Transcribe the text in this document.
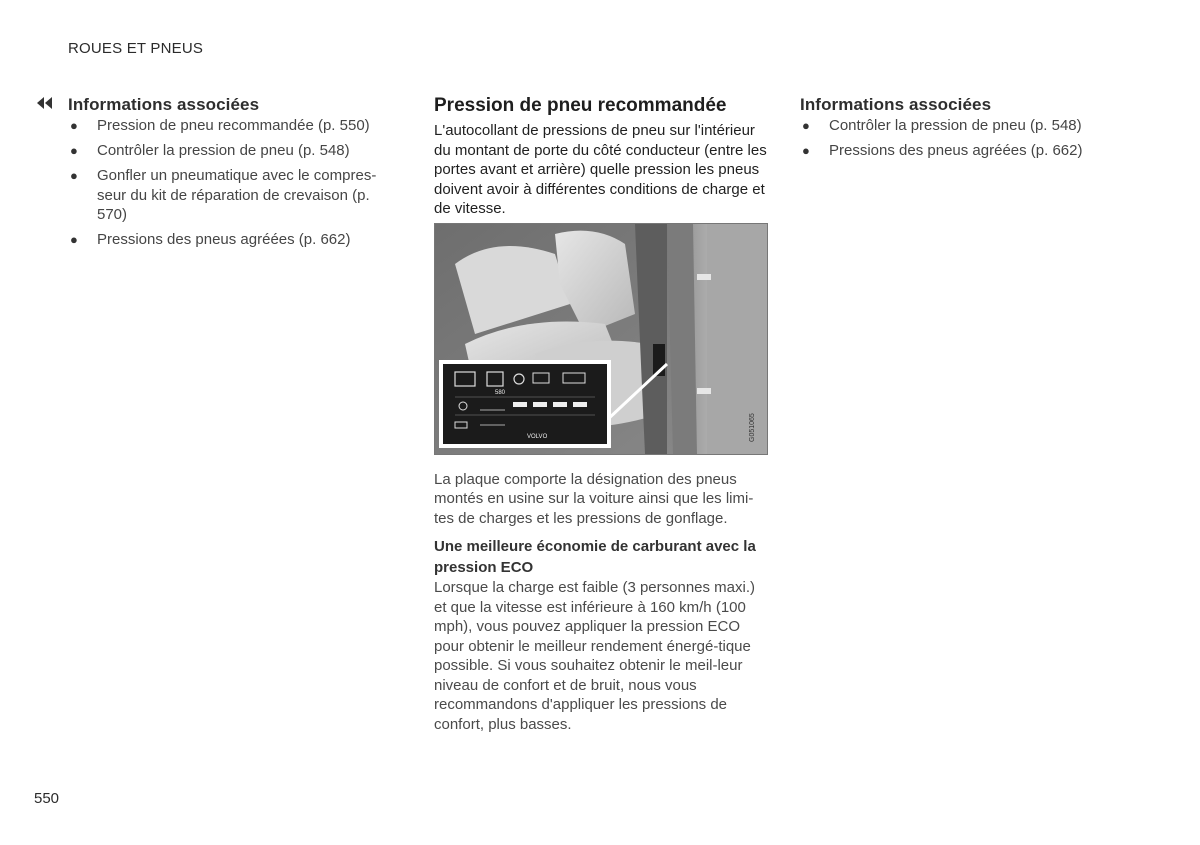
ROUES ET PNEUS
Informations associées
● Pression de pneu recommandée (p. 550)
● Contrôler la pression de pneu (p. 548)
● Gonfler un pneumatique avec le compres-seur du kit de réparation de crevaison (p. 570)
● Pressions des pneus agréées (p. 662)
Pression de pneu recommandée

L'autocollant de pressions de pneu sur l'intérieur du montant de porte du côté conducteur (entre les portes avant et arrière) quelle pression les pneus doivent avoir à différentes conditions de charge et de vitesse.

580
VOLVO	G051065

La plaque comporte la désignation des pneus montés en usine sur la voiture ainsi que les limi-tes de charges et les pressions de gonflage.

Une meilleure économie de carburant avec la pression ECO

Lorsque la charge est faible (3 personnes maxi.) et que la vitesse est inférieure à 160 km/h (100 mph), vous pouvez appliquer la pression ECO pour obtenir le meilleur rendement énergé-tique possible. Si vous souhaitez obtenir le meil-leur niveau de confort et de bruit, nous vous recommandons d'appliquer les pressions de confort, plus basses.

Informations associées
● Contrôler la pression de pneu (p. 548)
● Pressions des pneus agréées (p. 662)
550
